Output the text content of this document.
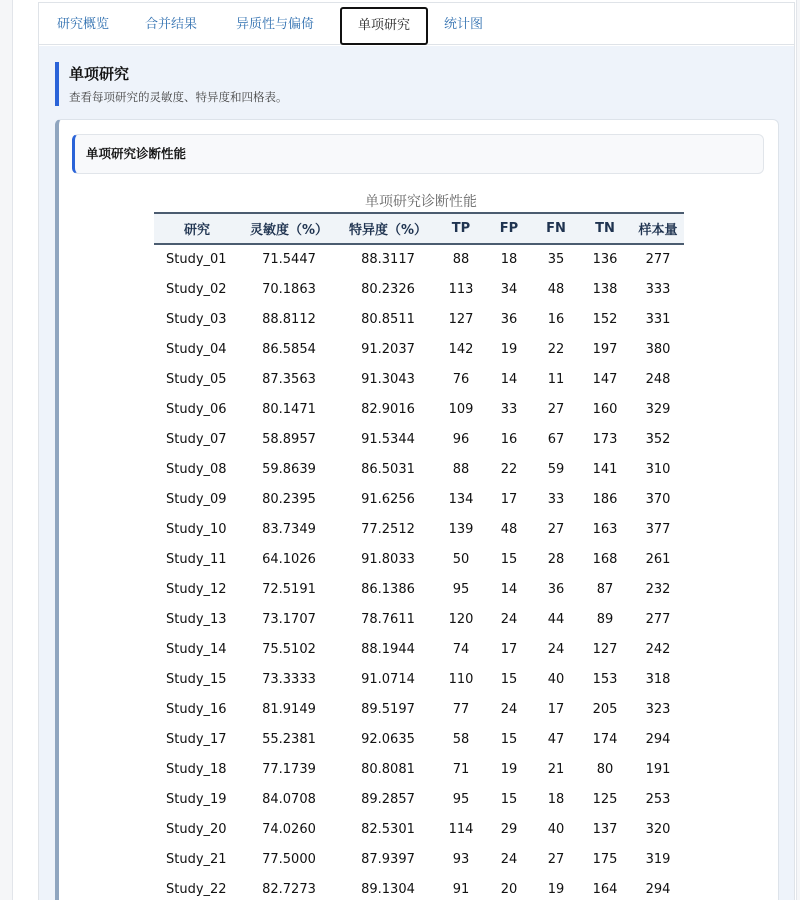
研究概览	合并结果	异质性与偏倚	单项研究	统计图
单项研究
查看每项研究的灵敏度、特异度和四格表。
单项研究诊断性能
单项研究诊断性能
研究	灵敏度（%）	特异度（%）	TP	FP	FN	TN	样本量
Study_01	71.5447	88.3117	88	18	35	136	277
Study_02	70.1863	80.2326	113	34	48	138	333
Study_03	88.8112	80.8511	127	36	16	152	331
Study_04	86.5854	91.2037	142	19	22	197	380
Study_05	87.3563	91.3043	76	14	11	147	248
Study_06	80.1471	82.9016	109	33	27	160	329
Study_07	58.8957	91.5344	96	16	67	173	352
Study_08	59.8639	86.5031	88	22	59	141	310
Study_09	80.2395	91.6256	134	17	33	186	370
Study_10	83.7349	77.2512	139	48	27	163	377
Study_11	64.1026	91.8033	50	15	28	168	261
Study_12	72.5191	86.1386	95	14	36	87	232
Study_13	73.1707	78.7611	120	24	44	89	277
Study_14	75.5102	88.1944	74	17	24	127	242
Study_15	73.3333	91.0714	110	15	40	153	318
Study_16	81.9149	89.5197	77	24	17	205	323
Study_17	55.2381	92.0635	58	15	47	174	294
Study_18	77.1739	80.8081	71	19	21	80	191
Study_19	84.0708	89.2857	95	15	18	125	253
Study_20	74.0260	82.5301	114	29	40	137	320
Study_21	77.5000	87.9397	93	24	27	175	319
Study_22	82.7273	89.1304	91	20	19	164	294
